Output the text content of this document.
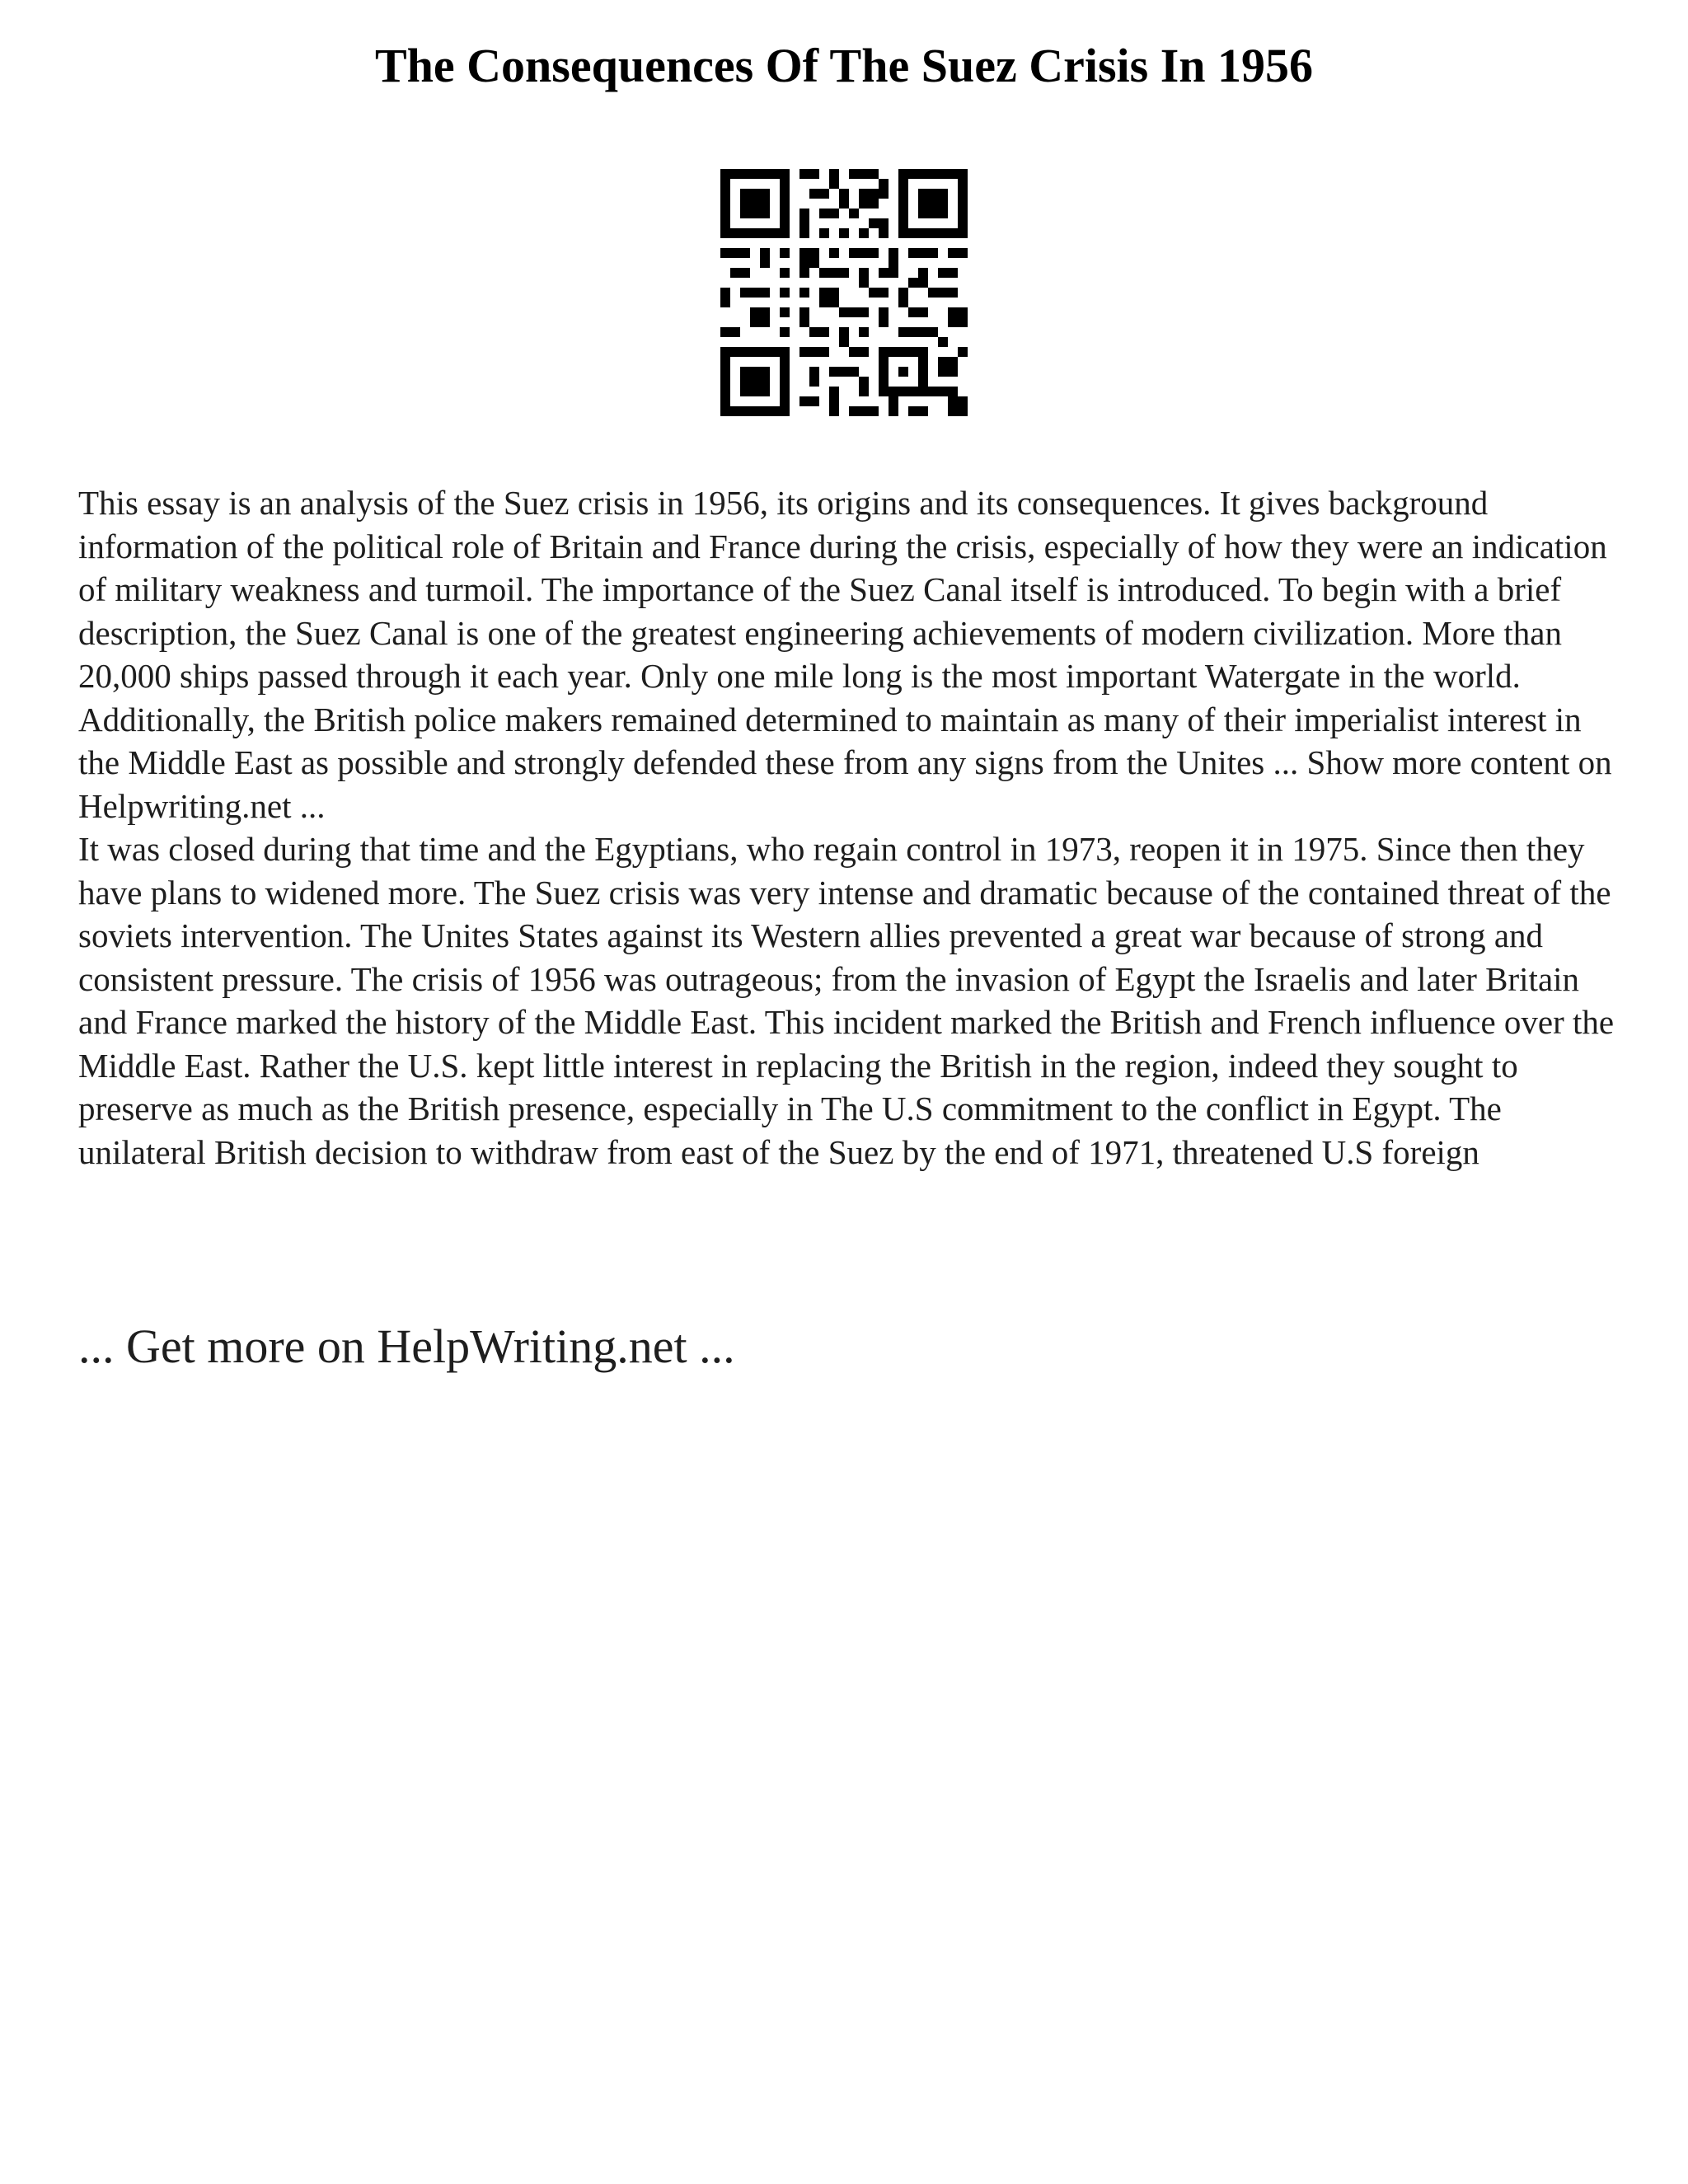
The Consequences Of The Suez Crisis In 1956

This essay is an analysis of the Suez crisis in 1956, its origins and its consequences. It gives background information of the political role of Britain and France during the crisis, especially of how they were an indication of military weakness and turmoil. The importance of the Suez Canal itself is introduced. To begin with a brief description, the Suez Canal is one of the greatest engineering achievements of modern civilization. More than 20,000 ships passed through it each year. Only one mile long is the most important Watergate in the world. Additionally, the British police makers remained determined to maintain as many of their imperialist interest in the Middle East as possible and strongly defended these from any signs from the Unites ... Show more content on Helpwriting.net ...

It was closed during that time and the Egyptians, who regain control in 1973, reopen it in 1975. Since then they have plans to widened more. The Suez crisis was very intense and dramatic because of the contained threat of the soviets intervention. The Unites States against its Western allies prevented a great war because of strong and consistent pressure. The crisis of 1956 was outrageous; from the invasion of Egypt the Israelis and later Britain and France marked the history of the Middle East. This incident marked the British and French influence over the Middle East. Rather the U.S. kept little interest in replacing the British in the region, indeed they sought to preserve as much as the British presence, especially in The U.S commitment to the conflict in Egypt. The unilateral British decision to withdraw from east of the Suez by the end of 1971, threatened U.S foreign

... Get more on HelpWriting.net ...
